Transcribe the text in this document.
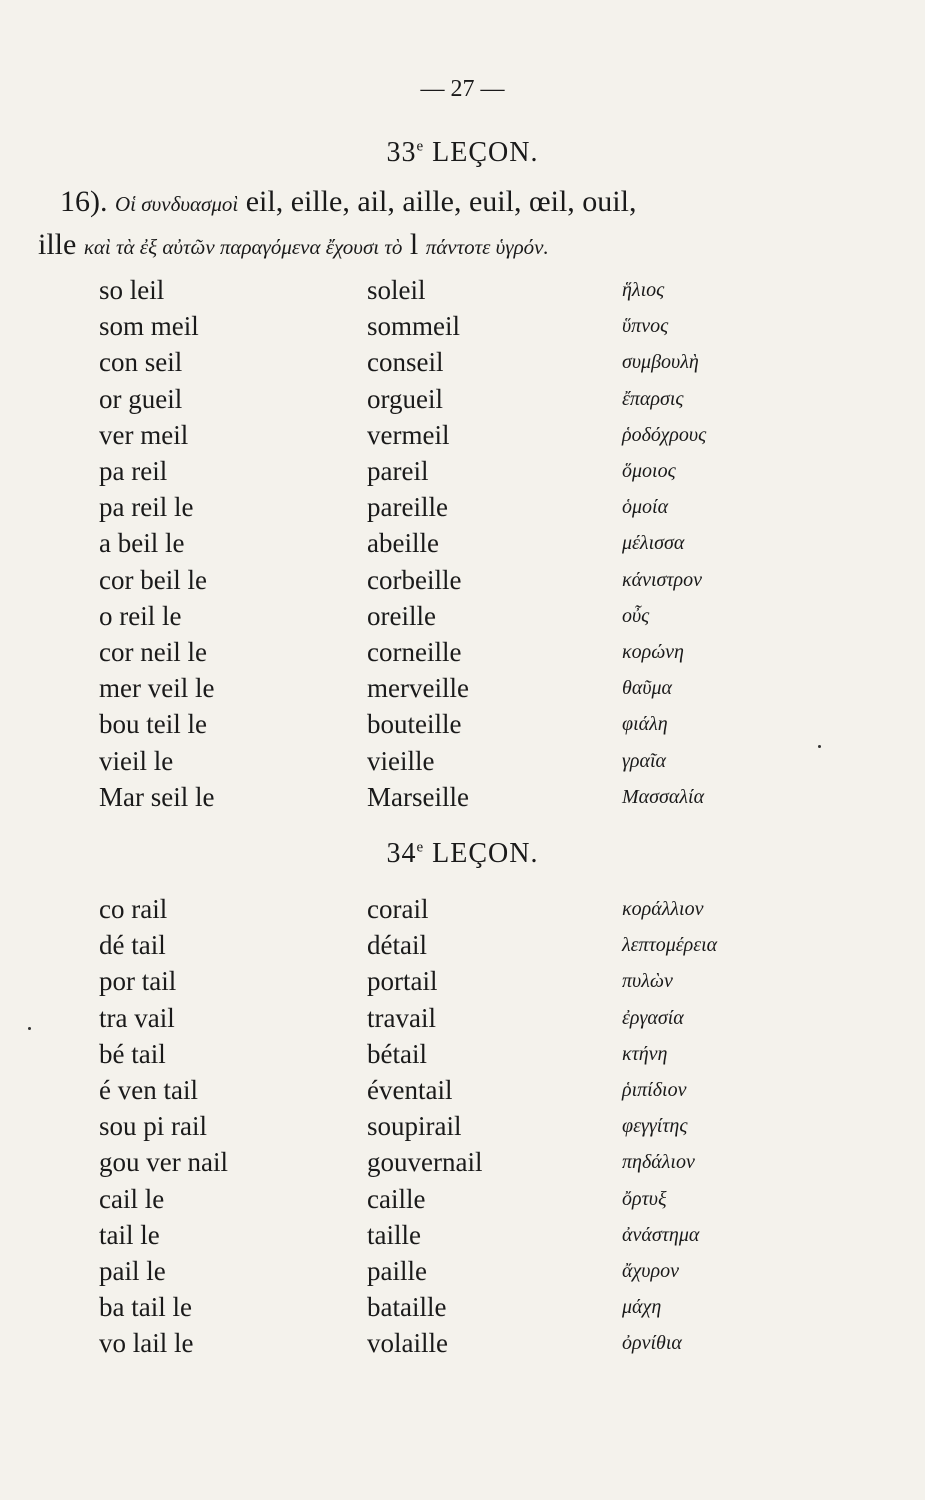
— 27 —
33e LEÇON.
16). Οἱ συνδυασμοὶ eil, eille, ail, aille, euil, œil, ouil,
ille καὶ τὰ ἐξ αὐτῶν παραγόμενα ἔχουσι τὸ l πάντοτε ὑγρόν.
so leil	soleil	ἥλιος
som meil	sommeil	ὕπνος
con seil	conseil	συμβουλὴ
or gueil	orgueil	ἔπαρσις
ver meil	vermeil	ῥοδόχρους
pa reil	pareil	ὅμοιος
pa reil le	pareille	ὁμοία
a beil le	abeille	μέλισσα
cor beil le	corbeille	κάνιστρον
o reil le	oreille	οὖς
cor neil le	corneille	κορώνη
mer veil le	merveille	θαῦμα
bou teil le	bouteille	φιάλη
vieil le	vieille	γραῖα
Mar seil le	Marseille	Μασσαλία
34e LEÇON.
co rail	corail	κοράλλιον
dé tail	détail	λεπτομέρεια
por tail	portail	πυλὼν
tra vail	travail	ἐργασία
bé tail	bétail	κτήνη
é ven tail	éventail	ῥιπίδιον
sou pi rail	soupirail	φεγγίτης
gou ver nail	gouvernail	πηδάλιον
cail le	caille	ὄρτυξ
tail le	taille	ἀνάστημα
pail le	paille	ἄχυρον
ba tail le	bataille	μάχη
vo lail le	volaille	ὀρνίθια
